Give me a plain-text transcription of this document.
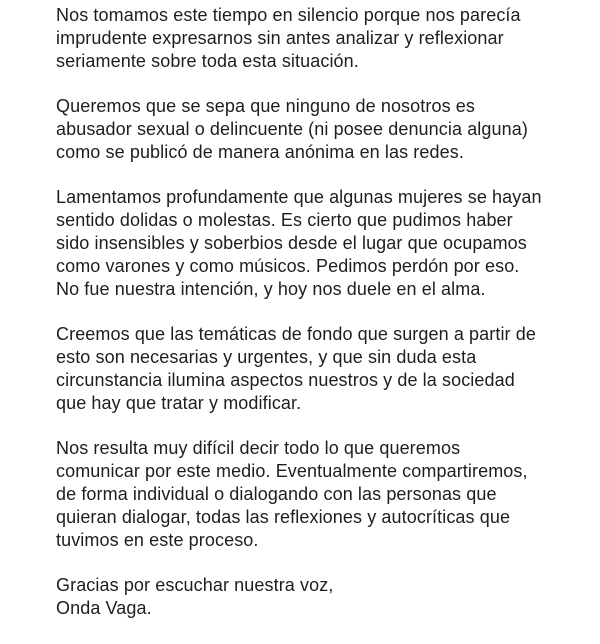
Nos tomamos este tiempo en silencio porque nos parecía
imprudente expresarnos sin antes analizar y reflexionar
seriamente sobre toda esta situación.

Queremos que se sepa que ninguno de nosotros es
abusador sexual o delincuente (ni posee denuncia alguna)
como se publicó de manera anónima en las redes.

Lamentamos profundamente que algunas mujeres se hayan
sentido dolidas o molestas. Es cierto que pudimos haber
sido insensibles y soberbios desde el lugar que ocupamos
como varones y como músicos. Pedimos perdón por eso.
No fue nuestra intención, y hoy nos duele en el alma.

Creemos que las temáticas de fondo que surgen a partir de
esto son necesarias y urgentes, y que sin duda esta
circunstancia ilumina aspectos nuestros y de la sociedad
que hay que tratar y modificar.

Nos resulta muy difícil decir todo lo que queremos
comunicar por este medio. Eventualmente compartiremos,
de forma individual o dialogando con las personas que
quieran dialogar, todas las reflexiones y autocríticas que
tuvimos en este proceso.

Gracias por escuchar nuestra voz,
Onda Vaga.
